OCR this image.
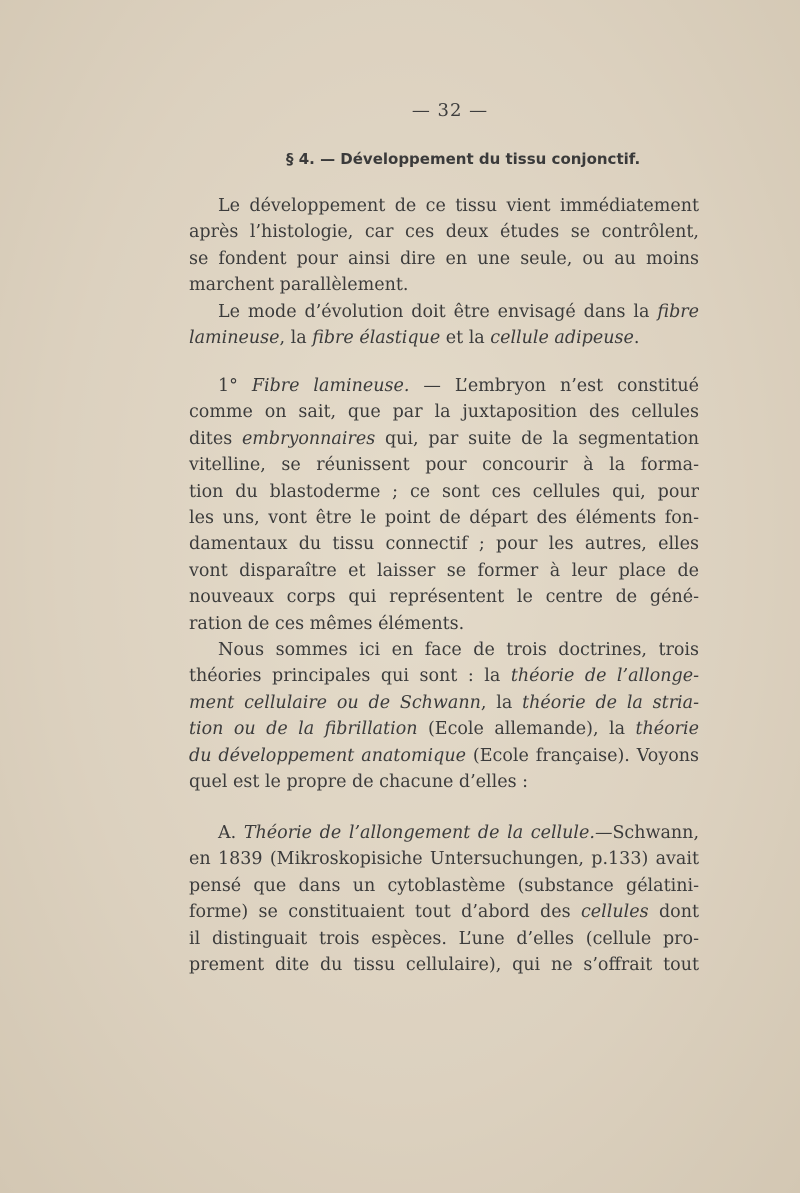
— 32 —
§ 4. — Développement du tissu conjonctif.
Le développement de ce tissu vient immédiatement
après l’histologie, car ces deux études se contrôlent,
se fondent pour ainsi dire en une seule, ou au moins
marchent parallèlement.
Le mode d’évolution doit être envisagé dans la fibre
lamineuse, la fibre élastique et la cellule adipeuse.
1° Fibre lamineuse. — L’embryon n’est constitué
comme on sait, que par la juxtaposition des cellules
dites embryonnaires qui, par suite de la segmentation
vitelline, se réunissent pour concourir à la forma-
tion du blastoderme ; ce sont ces cellules qui, pour
les uns, vont être le point de départ des éléments fon-
damentaux du tissu connectif ; pour les autres, elles
vont disparaître et laisser se former à leur place de
nouveaux corps qui représentent le centre de géné-
ration de ces mêmes éléments.
Nous sommes ici en face de trois doctrines, trois
théories principales qui sont : la théorie de l’allonge-
ment cellulaire ou de Schwann, la théorie de la stria-
tion ou de la fibrillation (Ecole allemande), la théorie
du développement anatomique (Ecole française). Voyons
quel est le propre de chacune d’elles :
A. Théorie de l’allongement de la cellule.—Schwann,
en 1839 (Mikroskopisiche Untersuchungen, p.133) avait
pensé que dans un cytoblastème (substance gélatini-
forme) se constituaient tout d’abord des cellules dont
il distinguait trois espèces. L’une d’elles (cellule pro-
prement dite du tissu cellulaire), qui ne s’offrait tout
